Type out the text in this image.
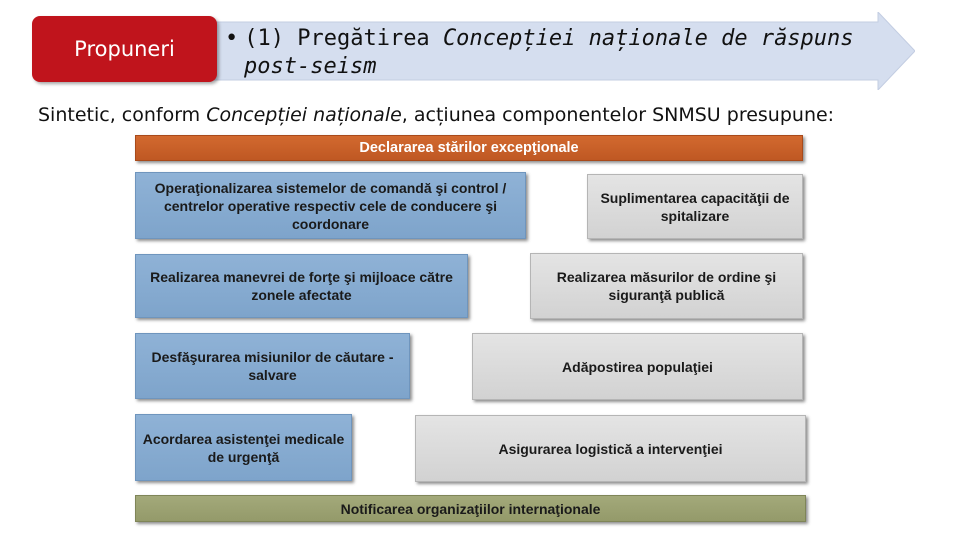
Propuneri • (1) Pregătirea Concepției naționale de răspuns
post-seism
Sintetic, conform Concepției naționale, acțiunea componentelor SNMSU presupune:
Declararea stărilor excepţionale
Operaţionalizarea sistemelor de comandă şi control / centrelor operative respectiv cele de conducere şi coordonare
Realizarea manevrei de forţe şi mijloace către zonele afectate
Desfăşurarea misiunilor de căutare - salvare
Acordarea asistenţei medicale de urgenţă
Suplimentarea capacităţii de spitalizare
Realizarea măsurilor de ordine şi siguranţă publică
Adăpostirea populaţiei
Asigurarea logistică a intervenţiei
Notificarea organizaţiilor internaţionale
